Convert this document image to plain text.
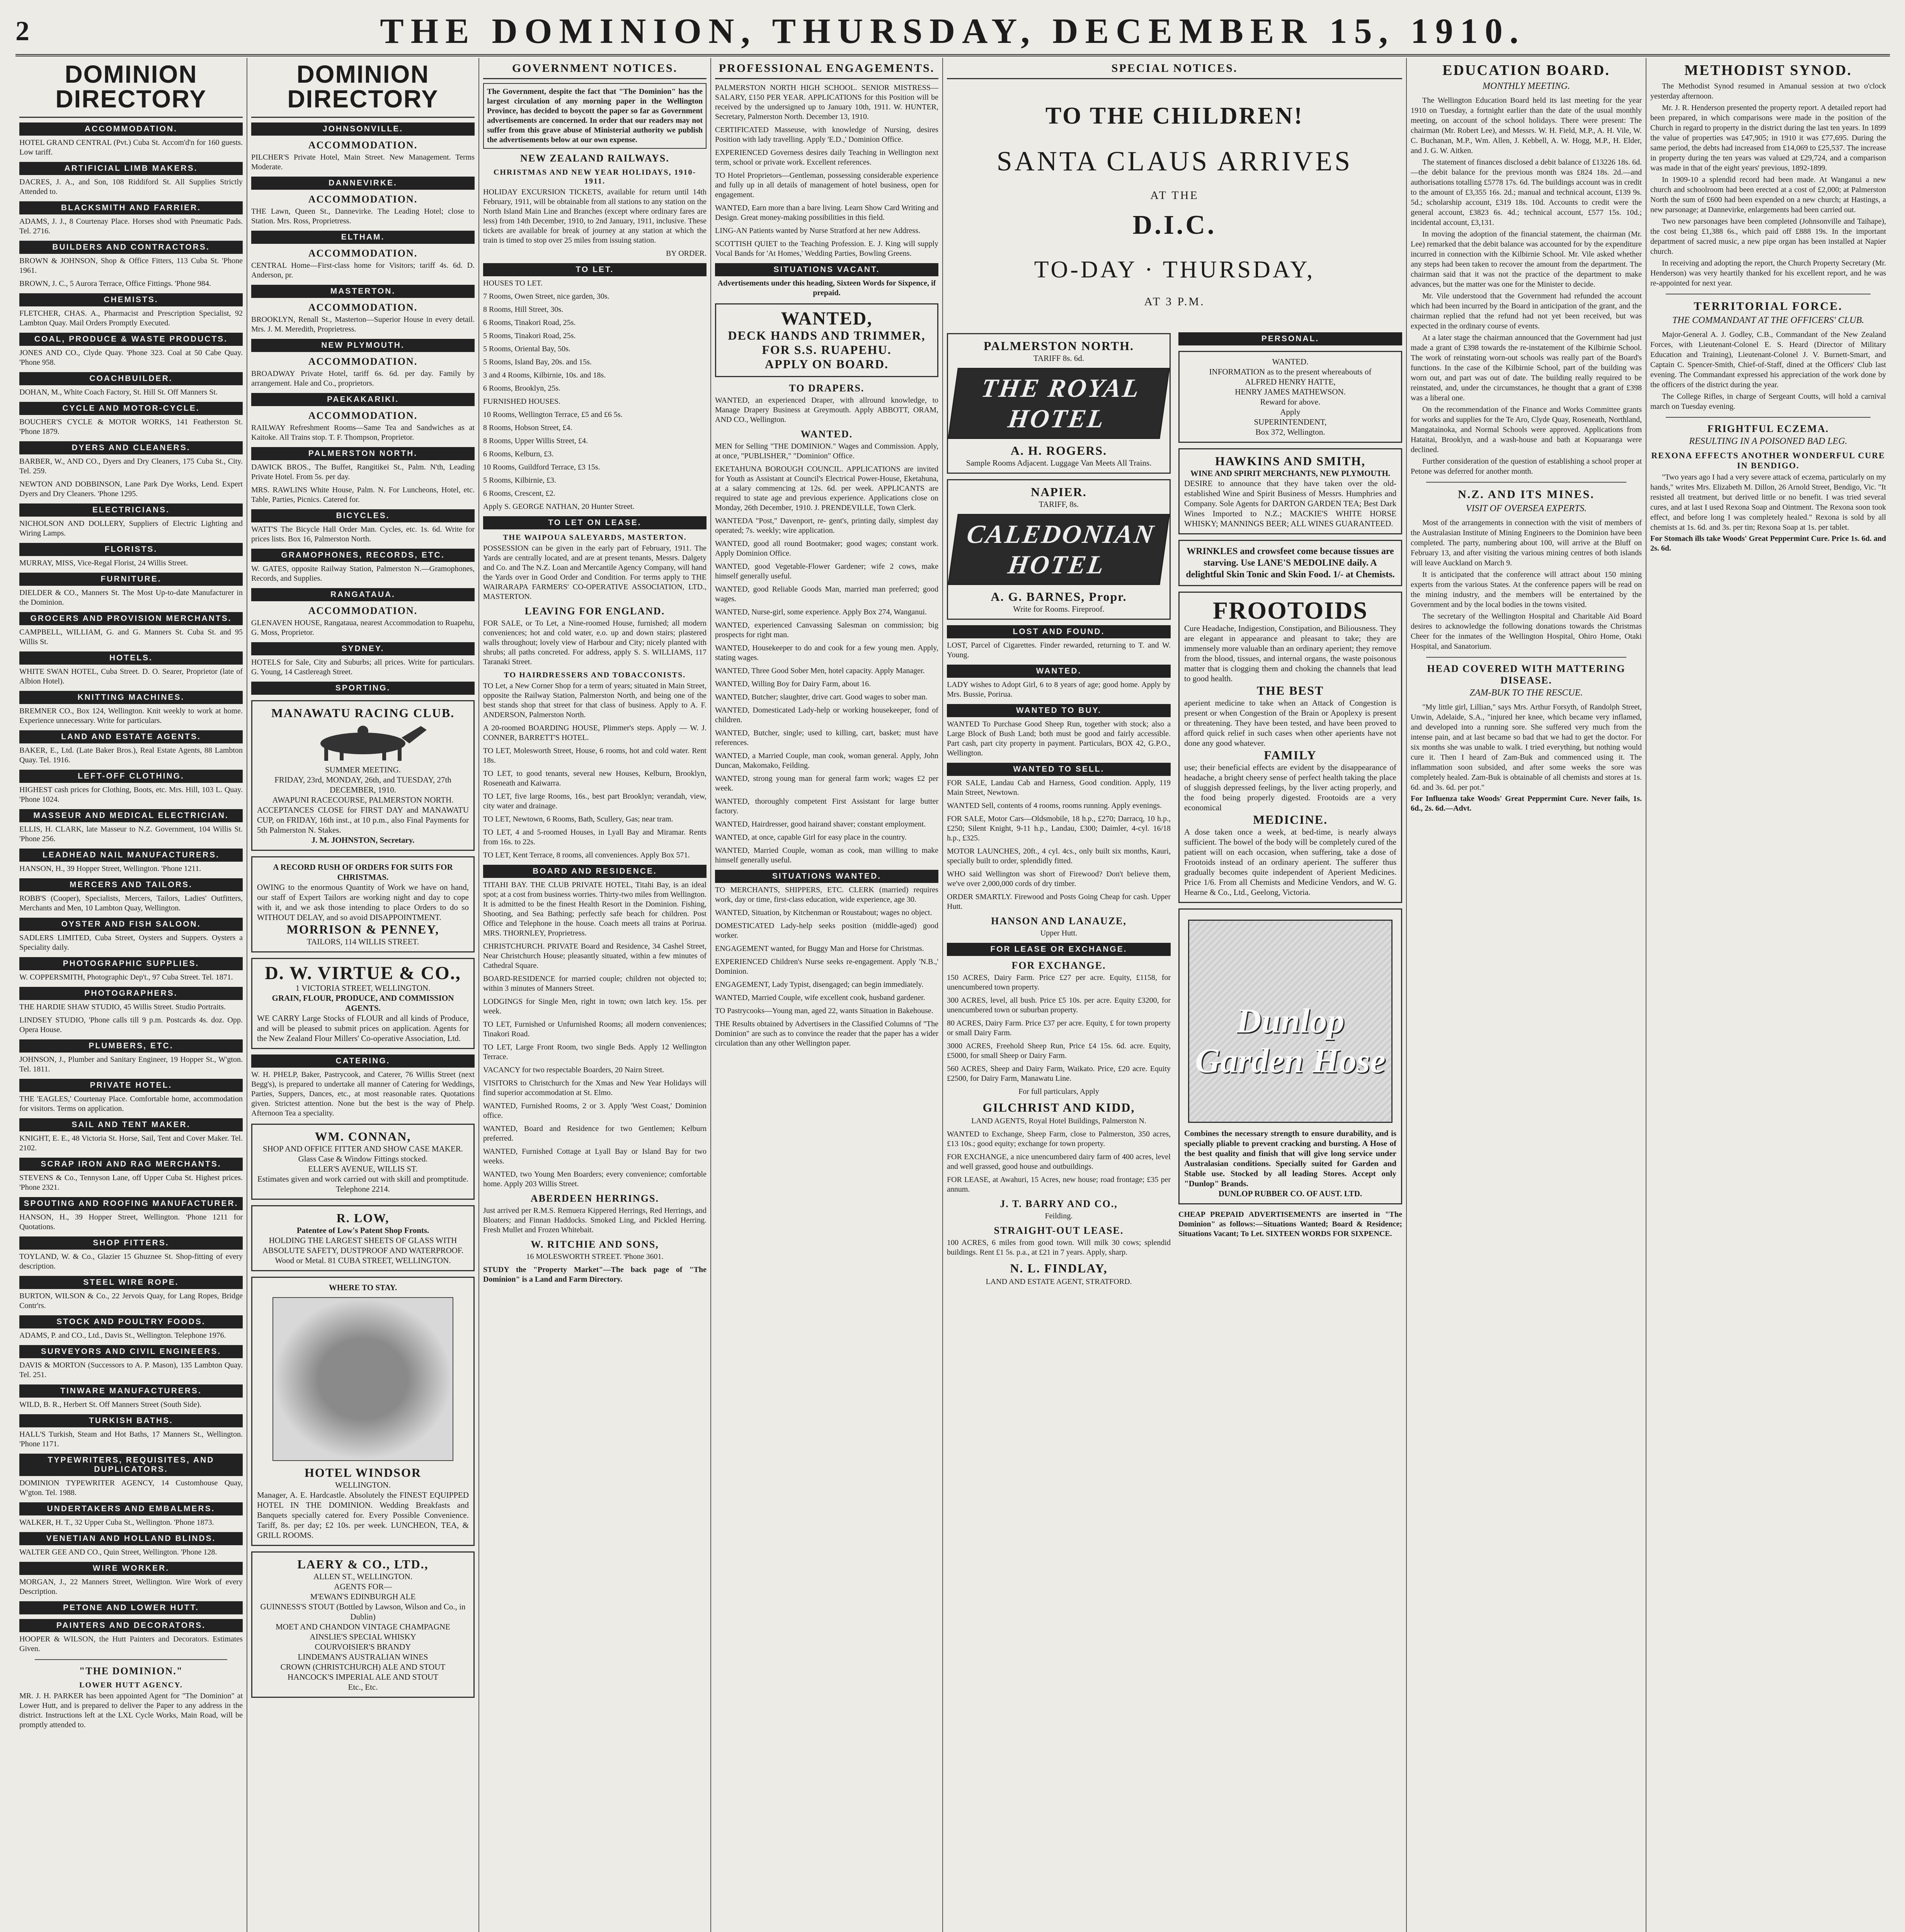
2	THE DOMINION, THURSDAY, DECEMBER 15, 1910.
DOMINION DIRECTORY
ACCOMMODATION.
HOTEL GRAND CENTRAL (Pvt.) Cuba St. Accom'd'n for 160 guests. Low tariff.
ARTIFICIAL LIMB MAKERS.
DACRES, J. A., and Son, 108 Riddiford St. All Supplies Strictly Attended to.
BLACKSMITH AND FARRIER.
ADAMS, J. J., 8 Courtenay Place. Horses shod with Pneumatic Pads. Tel. 2716.
BUILDERS AND CONTRACTORS.
BROWN & JOHNSON, Shop & Office Fitters, 113 Cuba St. 'Phone 1961.
BROWN, J. C., 5 Aurora Terrace, Office Fittings. 'Phone 984.
CHEMISTS.
FLETCHER, CHAS. A., Pharmacist and Prescription Specialist, 92 Lambton Quay. Mail Orders Promptly Executed.
COAL, PRODUCE & WASTE PRODUCTS.
JONES AND CO., Clyde Quay. 'Phone 323. Coal at 50 Cabe Quay. 'Phone 958.
COACHBUILDER.
DOHAN, M., White Coach Factory, St. Hill St. Off Manners St.
CYCLE AND MOTOR-CYCLE.
BOUCHER'S CYCLE & MOTOR WORKS, 141 Featherston St. 'Phone 1879.
DYERS AND CLEANERS.
BARBER, W., AND CO., Dyers and Dry Cleaners, 175 Cuba St., City. Tel. 259.
NEWTON AND DOBBINSON, Lane Park Dye Works, Lend. Expert Dyers and Dry Cleaners. 'Phone 1295.
ELECTRICIANS.
NICHOLSON AND DOLLERY, Suppliers of Electric Lighting and Wiring Lamps.
FLORISTS.
MURRAY, MISS, Vice-Regal Florist, 24 Willis Street.
FURNITURE.
DIELDER & CO., Manners St. The Most Up-to-date Manufacturer in the Dominion.
GROCERS AND PROVISION MERCHANTS.
CAMPBELL, WILLIAM, G. and G. Manners St. Cuba St. and 95 Willis St.
HOTELS.
WHITE SWAN HOTEL, Cuba Street. D. O. Searer, Proprietor (late of Albion Hotel).
KNITTING MACHINES.
BREMNER CO., Box 124, Wellington. Knit weekly to work at home. Experience unnecessary. Write for particulars.
LAND AND ESTATE AGENTS.
BAKER, E., Ltd. (Late Baker Bros.), Real Estate Agents, 88 Lambton Quay. Tel. 1916.
LEFT-OFF CLOTHING.
HIGHEST cash prices for Clothing, Boots, etc. Mrs. Hill, 103 L. Quay. 'Phone 1024.
MASSEUR AND MEDICAL ELECTRICIAN.
ELLIS, H. CLARK, late Masseur to N.Z. Government, 104 Willis St. 'Phone 256.
LEADHEAD NAIL MANUFACTURERS.
HANSON, H., 39 Hopper Street, Wellington. 'Phone 1211.
MERCERS AND TAILORS.
ROBB'S (Cooper), Specialists, Mercers, Tailors, Ladies' Outfitters, Merchants and Men, 10 Lambton Quay, Wellington.
OYSTER AND FISH SALOON.
SADLERS LIMITED, Cuba Street, Oysters and Suppers. Oysters a Speciality daily.
PHOTOGRAPHIC SUPPLIES.
W. COPPERSMITH, Photographic Dep't., 97 Cuba Street. Tel. 1871.
PHOTOGRAPHERS.
THE HARDIE SHAW STUDIO, 45 Willis Street. Studio Portraits.
LINDSEY STUDIO, 'Phone calls till 9 p.m. Postcards 4s. doz. Opp. Opera House.
PLUMBERS, ETC.
JOHNSON, J., Plumber and Sanitary Engineer, 19 Hopper St., W'gton. Tel. 1811.
PRIVATE HOTEL.
THE 'EAGLES,' Courtenay Place. Comfortable home, accommodation for visitors. Terms on application.
SAIL AND TENT MAKER.
KNIGHT, E. E., 48 Victoria St. Horse, Sail, Tent and Cover Maker. Tel. 2102.
SCRAP IRON AND RAG MERCHANTS.
STEVENS & Co., Tennyson Lane, off Upper Cuba St. Highest prices. 'Phone 2321.
SPOUTING AND ROOFING MANUFACTURER.
HANSON, H., 39 Hopper Street, Wellington. 'Phone 1211 for Quotations.
SHOP FITTERS.
TOYLAND, W. & Co., Glazier 15 Ghuznee St. Shop-fitting of every description.
STEEL WIRE ROPE.
BURTON, WILSON & Co., 22 Jervois Quay, for Lang Ropes, Bridge Contr'rs.
STOCK AND POULTRY FOODS.
ADAMS, P. and CO., Ltd., Davis St., Wellington. Telephone 1976.
SURVEYORS AND CIVIL ENGINEERS.
DAVIS & MORTON (Successors to A. P. Mason), 135 Lambton Quay. Tel. 251.
TINWARE MANUFACTURERS.
WILD, B. R., Herbert St. Off Manners Street (South Side).
TURKISH BATHS.
HALL'S Turkish, Steam and Hot Baths, 17 Manners St., Wellington. 'Phone 1171.
TYPEWRITERS, REQUISITES, AND DUPLICATORS.
DOMINION TYPEWRITER AGENCY, 14 Customhouse Quay, W'gton. Tel. 1988.
UNDERTAKERS AND EMBALMERS.
WALKER, H. T., 32 Upper Cuba St., Wellington. 'Phone 1873.
VENETIAN AND HOLLAND BLINDS.
WALTER GEE AND CO., Quin Street, Wellington. 'Phone 128.
WIRE WORKER.
MORGAN, J., 22 Manners Street, Wellington. Wire Work of every Description.
PETONE AND LOWER HUTT.
PAINTERS AND DECORATORS.
HOOPER & WILSON, the Hutt Painters and Decorators. Estimates Given.
"THE DOMINION."
LOWER HUTT AGENCY.
MR. J. H. PARKER has been appointed Agent for "The Dominion" at Lower Hutt, and is prepared to deliver the Paper to any address in the district. Instructions left at the LXL Cycle Works, Main Road, will be promptly attended to.
DOMINION DIRECTORY
JOHNSONVILLE.
ACCOMMODATION.
PILCHER'S Private Hotel, Main Street. New Management. Terms Moderate.
DANNEVIRKE.
ACCOMMODATION.
THE Lawn, Queen St., Dannevirke. The Leading Hotel; close to Station. Mrs. Ross, Proprietress.
ELTHAM.
ACCOMMODATION.
CENTRAL Home—First-class home for Visitors; tariff 4s. 6d. D. Anderson, pr.
MASTERTON.
ACCOMMODATION.
BROOKLYN, Renall St., Masterton—Superior House in every detail. Mrs. J. M. Meredith, Proprietress.
NEW PLYMOUTH.
ACCOMMODATION.
BROADWAY Private Hotel, tariff 6s. 6d. per day. Family by arrangement. Hale and Co., proprietors.
PAEKAKARIKI.
ACCOMMODATION.
RAILWAY Refreshment Rooms—Same Tea and Sandwiches as at Kaitoke. All Trains stop. T. F. Thompson, Proprietor.
PALMERSTON NORTH.
DAWICK BROS., The Buffet, Rangitikei St., Palm. N'th, Leading Private Hotel. From 5s. per day.
MRS. RAWLINS White House, Palm. N. For Luncheons, Hotel, etc. Table, Parties, Picnics. Catered for.
BICYCLES.
WATT'S The Bicycle Hall Order Man. Cycles, etc. 1s. 6d. Write for prices lists. Box 16, Palmerston North.
GRAMOPHONES, RECORDS, ETC.
W. GATES, opposite Railway Station, Palmerston N.—Gramophones, Records, and Supplies.
RANGATAUA.
ACCOMMODATION.
GLENAVEN HOUSE, Rangataua, nearest Accommodation to Ruapehu, G. Moss, Proprietor.
SYDNEY.
HOTELS for Sale, City and Suburbs; all prices. Write for particulars. G. Young, 14 Castlereagh Street.
SPORTING.
MANAWATU RACING CLUB.
SUMMER MEETING.
FRIDAY, 23rd, MONDAY, 26th, and TUESDAY, 27th DECEMBER, 1910.
AWAPUNI RACECOURSE, PALMERSTON NORTH.
ACCEPTANCES CLOSE for FIRST DAY and MANAWATU CUP, on FRIDAY, 16th inst., at 10 p.m., also Final Payments for 5th Palmerston N. Stakes.
J. M. JOHNSTON, Secretary.
A RECORD RUSH OF ORDERS FOR SUITS FOR CHRISTMAS.
OWING to the enormous Quantity of Work we have on hand, our staff of Expert Tailors are working night and day to cope with it, and we ask those intending to place Orders to do so WITHOUT DELAY, and so avoid DISAPPOINTMENT.
MORRISON & PENNEY,
TAILORS, 114 WILLIS STREET.
D. W. VIRTUE & CO.,
1 VICTORIA STREET, WELLINGTON.
GRAIN, FLOUR, PRODUCE, AND COMMISSION AGENTS.
WE CARRY Large Stocks of FLOUR and all kinds of Produce, and will be pleased to submit prices on application. Agents for the New Zealand Flour Millers' Co-operative Association, Ltd.
CATERING.
W. H. PHELP, Baker, Pastrycook, and Caterer, 76 Willis Street (next Begg's), is prepared to undertake all manner of Catering for Weddings, Parties, Suppers, Dances, etc., at most reasonable rates. Quotations given. Strictest attention. None but the best is the way of Phelp. Afternoon Tea a speciality.
WM. CONNAN,
SHOP AND OFFICE FITTER AND SHOW CASE MAKER.
Glass Case & Window Fittings stocked.
ELLER'S AVENUE, WILLIS ST.
Estimates given and work carried out with skill and promptitude.
Telephone 2214.
R. LOW,
Patentee of Low's Patent Shop Fronts.
HOLDING THE LARGEST SHEETS OF GLASS WITH ABSOLUTE SAFETY, DUSTPROOF AND WATERPROOF. Wood or Metal. 81 CUBA STREET, WELLINGTON.
WHERE TO STAY.
HOTEL WINDSOR
WELLINGTON.
Manager, A. E. Hardcastle. Absolutely the FINEST EQUIPPED HOTEL IN THE DOMINION. Wedding Breakfasts and Banquets specially catered for. Every Possible Convenience. Tariff, 8s. per day; £2 10s. per week. LUNCHEON, TEA, & GRILL ROOMS.
LAERY & CO., LTD.,
ALLEN ST., WELLINGTON.
AGENTS FOR—
M'EWAN'S EDINBURGH ALE
GUINNESS'S STOUT (Bottled by Lawson, Wilson and Co., in Dublin)
MOET AND CHANDON VINTAGE CHAMPAGNE
AINSLIE'S SPECIAL WHISKY
COURVOISIER'S BRANDY
LINDEMAN'S AUSTRALIAN WINES
CROWN (CHRISTCHURCH) ALE AND STOUT
HANCOCK'S IMPERIAL ALE AND STOUT
Etc., Etc.
GOVERNMENT NOTICES.
The Government, despite the fact that "The Dominion" has the largest circulation of any morning paper in the Wellington Province, has decided to boycott the paper so far as Government advertisements are concerned. In order that our readers may not suffer from this grave abuse of Ministerial authority we publish the advertisements below at our own expense.
NEW ZEALAND RAILWAYS.
CHRISTMAS AND NEW YEAR HOLIDAYS, 1910-1911.
HOLIDAY EXCURSION TICKETS, available for return until 14th February, 1911, will be obtainable from all stations to any station on the North Island Main Line and Branches (except where ordinary fares are less) from 14th December, 1910, to 2nd January, 1911, inclusive. These tickets are available for break of journey at any station at which the train is timed to stop over 25 miles from issuing station.
BY ORDER.
TO LET.
HOUSES TO LET.
7 Rooms, Owen Street, nice garden, 30s.
8 Rooms, Hill Street, 30s.
6 Rooms, Tinakori Road, 25s.
5 Rooms, Tinakori Road, 25s.
5 Rooms, Oriental Bay, 50s.
5 Rooms, Island Bay, 20s. and 15s.
3 and 4 Rooms, Kilbirnie, 10s. and 18s.
6 Rooms, Brooklyn, 25s.
FURNISHED HOUSES.
10 Rooms, Wellington Terrace, £5 and £6 5s.
8 Rooms, Hobson Street, £4.
8 Rooms, Upper Willis Street, £4.
6 Rooms, Kelburn, £3.
10 Rooms, Guildford Terrace, £3 15s.
5 Rooms, Kilbirnie, £3.
6 Rooms, Crescent, £2.
Apply S. GEORGE NATHAN, 20 Hunter Street.
TO LET ON LEASE.
THE WAIPOUA SALEYARDS, MASTERTON.
POSSESSION can be given in the early part of February, 1911. The Yards are centrally located, and are at present tenants, Messrs. Dalgety and Co. and The N.Z. Loan and Mercantile Agency Company, will hand the Yards over in Good Order and Condition. For terms apply to THE WAIRARAPA FARMERS' CO-OPERATIVE ASSOCIATION, LTD., MASTERTON.
LEAVING FOR ENGLAND.
FOR SALE, or To Let, a Nine-roomed House, furnished; all modern conveniences; hot and cold water, e.o. up and down stairs; plastered walls throughout; lovely view of Harbour and City; nicely planted with shrubs; all paths concreted. For address, apply S. S. WILLIAMS, 117 Taranaki Street.
TO HAIRDRESSERS AND TOBACCONISTS.
TO Let, a New Corner Shop for a term of years; situated in Main Street, opposite the Railway Station, Palmerston North, and being one of the best stands shop that street for that class of business. Apply to A. F. ANDERSON, Palmerston North.
A 20-roomed BOARDING HOUSE, Plimmer's steps. Apply — W. J. CONNER, BARRETT'S HOTEL.
TO LET, Molesworth Street, House, 6 rooms, hot and cold water. Rent 18s.
TO LET, to good tenants, several new Houses, Kelburn, Brooklyn, Roseneath and Kaiwarra.
TO LET, five large Rooms, 16s., best part Brooklyn; verandah, view, city water and drainage.
TO LET, Newtown, 6 Rooms, Bath, Scullery, Gas; near tram.
TO LET, 4 and 5-roomed Houses, in Lyall Bay and Miramar. Rents from 16s. to 22s.
TO LET, Kent Terrace, 8 rooms, all conveniences. Apply Box 571.
BOARD AND RESIDENCE.
TITAHI BAY. THE CLUB PRIVATE HOTEL, Titahi Bay, is an ideal spot; at a cost from business worries. Thirty-two miles from Wellington. It is admitted to be the finest Health Resort in the Dominion. Fishing, Shooting, and Sea Bathing; perfectly safe beach for children. Post Office and Telephone in the house. Coach meets all trains at Porirua. MRS. THORNLEY, Proprietress.
CHRISTCHURCH. PRIVATE Board and Residence, 34 Cashel Street, Near Christchurch House; pleasantly situated, within a few minutes of Cathedral Square.
BOARD-RESIDENCE for married couple; children not objected to; within 3 minutes of Manners Street.
LODGINGS for Single Men, right in town; own latch key. 15s. per week.
TO LET, Furnished or Unfurnished Rooms; all modern conveniences; Tinakori Road.
TO LET, Large Front Room, two single Beds. Apply 12 Wellington Terrace.
VACANCY for two respectable Boarders, 20 Nairn Street.
VISITORS to Christchurch for the Xmas and New Year Holidays will find superior accommodation at St. Elmo.
WANTED, Furnished Rooms, 2 or 3. Apply 'West Coast,' Dominion office.
WANTED, Board and Residence for two Gentlemen; Kelburn preferred.
WANTED, Furnished Cottage at Lyall Bay or Island Bay for two weeks.
WANTED, two Young Men Boarders; every convenience; comfortable home. Apply 203 Willis Street.
ABERDEEN HERRINGS.
Just arrived per R.M.S. Remuera Kippered Herrings, Red Herrings, and Bloaters; and Finnan Haddocks. Smoked Ling, and Pickled Herring. Fresh Mullet and Frozen Whitebait.
W. RITCHIE AND SONS,
16 MOLESWORTH STREET. 'Phone 3601.
STUDY the "Property Market"—The back page of "The Dominion" is a Land and Farm Directory.
PROFESSIONAL ENGAGEMENTS.
PALMERSTON NORTH HIGH SCHOOL. SENIOR MISTRESS—SALARY, £150 PER YEAR. APPLICATIONS for this Position will be received by the undersigned up to January 10th, 1911. W. HUNTER, Secretary, Palmerston North. December 13, 1910.
CERTIFICATED Masseuse, with knowledge of Nursing, desires Position with lady travelling. Apply 'E.D.,' Dominion Office.
EXPERIENCED Governess desires daily Teaching in Wellington next term, school or private work. Excellent references.
TO Hotel Proprietors—Gentleman, possessing considerable experience and fully up in all details of management of hotel business, open for engagement.
WANTED, Earn more than a bare living. Learn Show Card Writing and Design. Great money-making possibilities in this field.
LING-AN Patients wanted by Nurse Stratford at her new Address.
SCOTTISH QUIET to the Teaching Profession. E. J. King will supply Vocal Bands for 'At Homes,' Wedding Parties, Bowling Greens.
SITUATIONS VACANT.
Advertisements under this heading, Sixteen Words for Sixpence, if prepaid.
WANTED,
DECK HANDS AND TRIMMER, FOR S.S. RUAPEHU.
APPLY ON BOARD.
TO DRAPERS.
WANTED, an experienced Draper, with allround knowledge, to Manage Drapery Business at Greymouth. Apply ABBOTT, ORAM, AND CO., Wellington.
WANTED.
MEN for Selling "THE DOMINION." Wages and Commission. Apply, at once, "PUBLISHER," "Dominion" Office.
EKETAHUNA BOROUGH COUNCIL. APPLICATIONS are invited for Youth as Assistant at Council's Electrical Power-House, Eketahuna, at a salary commencing at 12s. 6d. per week. APPLICANTS are required to state age and previous experience. Applications close on Monday, 26th December, 1910. J. PRENDEVILLE, Town Clerk.
WANTEDA "Post," Davenport, re- gent's, printing daily, simplest day operated; 7s. weekly; wire application.
WANTED, good all round Bootmaker; good wages; constant work. Apply Dominion Office.
WANTED, good Vegetable-Flower Gardener; wife 2 cows, make himself generally useful.
WANTED, good Reliable Goods Man, married man preferred; good wages.
WANTED, Nurse-girl, some experience. Apply Box 274, Wanganui.
WANTED, experienced Canvassing Salesman on commission; big prospects for right man.
WANTED, Housekeeper to do and cook for a few young men. Apply, stating wages.
WANTED, Three Good Sober Men, hotel capacity. Apply Manager.
WANTED, Willing Boy for Dairy Farm, about 16.
WANTED, Butcher; slaughter, drive cart. Good wages to sober man.
WANTED, Domesticated Lady-help or working housekeeper, fond of children.
WANTED, Butcher, single; used to killing, cart, basket; must have references.
WANTED, a Married Couple, man cook, woman general. Apply, John Duncan, Makomako, Feilding.
WANTED, strong young man for general farm work; wages £2 per week.
WANTED, thoroughly competent First Assistant for large butter factory.
WANTED, Hairdresser, good hairand shaver; constant employment.
WANTED, at once, capable Girl for easy place in the country.
WANTED, Married Couple, woman as cook, man willing to make himself generally useful.
SITUATIONS WANTED.
TO MERCHANTS, SHIPPERS, ETC. CLERK (married) requires work, day or time, first-class education, wide experience, age 30.
WANTED, Situation, by Kitchenman or Roustabout; wages no object.
DOMESTICATED Lady-help seeks position (middle-aged) good worker.
ENGAGEMENT wanted, for Buggy Man and Horse for Christmas.
EXPERIENCED Children's Nurse seeks re-engagement. Apply 'N.B.,' Dominion.
ENGAGEMENT, Lady Typist, disengaged; can begin immediately.
WANTED, Married Couple, wife excellent cook, husband gardener.
TO Pastrycooks—Young man, aged 22, wants Situation in Bakehouse.
THE Results obtained by Advertisers in the Classified Columns of "The Dominion" are such as to convince the reader that the paper has a wider circulation than any other Wellington paper.
SPECIAL NOTICES.
TO THE CHILDREN!
SANTA CLAUS ARRIVES
AT THE
D.I.C.
TO-DAY · THURSDAY,
AT 3 P.M.
PALMERSTON NORTH.
TARIFF 8s. 6d.
THE ROYAL HOTEL
A. H. ROGERS.
Sample Rooms Adjacent. Luggage Van Meets All Trains.
NAPIER.
TARIFF, 8s.
CALEDONIAN HOTEL
A. G. BARNES, Propr.
Write for Rooms. Fireproof.
LOST AND FOUND.
LOST, Parcel of Cigarettes. Finder rewarded, returning to T. and W. Young.
WANTED.
LADY wishes to Adopt Girl, 6 to 8 years of age; good home. Apply by Mrs. Bussie, Porirua.
WANTED TO BUY.
WANTED To Purchase Good Sheep Run, together with stock; also a Large Block of Bush Land; both must be good and fairly accessible. Part cash, part city property in payment. Particulars, BOX 42, G.P.O., Wellington.
WANTED TO SELL.
FOR SALE, Landau Cab and Harness, Good condition. Apply, 119 Main Street, Newtown.
WANTED Sell, contents of 4 rooms, rooms running. Apply evenings.
FOR SALE, Motor Cars—Oldsmobile, 18 h.p., £270; Darracq, 10 h.p., £250; Silent Knight, 9-11 h.p., Landau, £300; Daimler, 4-cyl. 16/18 h.p., £325.
MOTOR LAUNCHES, 20ft., 4 cyl. 4cs., only built six months, Kauri, specially built to order, splendidly fitted.
WHO said Wellington was short of Firewood? Don't believe them, we've over 2,000,000 cords of dry timber.
ORDER SMARTLY. Firewood and Posts Going Cheap for cash. Upper Hutt.
HANSON AND LANAUZE,
Upper Hutt.
FOR LEASE OR EXCHANGE.
FOR EXCHANGE.
150 ACRES, Dairy Farm. Price £27 per acre. Equity, £1158, for unencumbered town property.
300 ACRES, level, all bush. Price £5 10s. per acre. Equity £3200, for unencumbered town or suburban property.
80 ACRES, Dairy Farm. Price £37 per acre. Equity, £ for town property or small Dairy Farm.
3000 ACRES, Freehold Sheep Run, Price £4 15s. 6d. acre. Equity, £5000, for small Sheep or Dairy Farm.
560 ACRES, Sheep and Dairy Farm, Waikato. Price, £20 acre. Equity £2500, for Dairy Farm, Manawatu Line.
For full particulars, Apply
GILCHRIST AND KIDD,
LAND AGENTS, Royal Hotel Buildings, Palmerston N.
WANTED to Exchange, Sheep Farm, close to Palmerston, 350 acres, £13 10s.; good equity; exchange for town property.
FOR EXCHANGE, a nice unencumbered dairy farm of 400 acres, level and well grassed, good house and outbuildings.
FOR LEASE, at Awahuri, 15 Acres, new house; road frontage; £35 per annum.
J. T. BARRY AND CO.,
Feilding.
STRAIGHT-OUT LEASE.
100 ACRES, 6 miles from good town. Will milk 30 cows; splendid buildings. Rent £1 5s. p.a., at £21 in 7 years. Apply, sharp.
N. L. FINDLAY,
LAND AND ESTATE AGENT, STRATFORD.
PERSONAL.
WANTED.
INFORMATION as to the present whereabouts of
ALFRED HENRY HATTE,
HENRY JAMES MATHEWSON.
Reward for above.
Apply
SUPERINTENDENT,
Box 372, Wellington.
HAWKINS AND SMITH,
WINE AND SPIRIT MERCHANTS, NEW PLYMOUTH.
DESIRE to announce that they have taken over the old-established Wine and Spirit Business of Messrs. Humphries and Company. Sole Agents for DARTON GARDEN TEA; Best Dark Wines Imported to N.Z.; MACKIE'S WHITE HORSE WHISKY; MANNINGS BEER; ALL WINES GUARANTEED.
WRINKLES and crowsfeet come because tissues are starving. Use LANE'S MEDOLINE daily. A delightful Skin Tonic and Skin Food. 1/- at Chemists.
FROOTOIDS
Cure Headache, Indigestion, Constipation, and Biliousness. They are elegant in appearance and pleasant to take; they are immensely more valuable than an ordinary aperient; they remove from the blood, tissues, and internal organs, the waste poisonous matter that is clogging them and choking the channels that lead to good health.
THE BEST
aperient medicine to take when an Attack of Congestion is present or when Congestion of the Brain or Apoplexy is present or threatening. They have been tested, and have been proved to afford quick relief in such cases when other aperients have not done any good whatever.
FAMILY
use; their beneficial effects are evident by the disappearance of headache, a bright cheery sense of perfect health taking the place of sluggish depressed feelings, by the liver acting properly, and the food being properly digested. Frootoids are a very economical
MEDICINE.
A dose taken once a week, at bed-time, is nearly always sufficient. The bowel of the body will be completely cured of the patient will on each occasion, when suffering, take a dose of Frootoids instead of an ordinary aperient. The sufferer thus gradually becomes quite independent of Aperient Medicines. Price 1/6. From all Chemists and Medicine Vendors, and W. G. Hearne & Co., Ltd., Geelong, Victoria.
Dunlop Garden Hose
Combines the necessary strength to ensure durability, and is specially pliable to prevent cracking and bursting. A Hose of the best quality and finish that will give long service under Australasian conditions. Specially suited for Garden and Stable use. Stocked by all leading Stores. Accept only "Dunlop" Brands.
DUNLOP RUBBER CO. OF AUST. LTD.
CHEAP PREPAID ADVERTISEMENTS are inserted in "The Dominion" as follows:—Situations Wanted; Board & Residence; Situations Vacant; To Let. SIXTEEN WORDS FOR SIXPENCE.
EDUCATION BOARD.
MONTHLY MEETING.
The Wellington Education Board held its last meeting for the year 1910 on Tuesday, a fortnight earlier than the date of the usual monthly meeting, on account of the school holidays. There were present: The chairman (Mr. Robert Lee), and Messrs. W. H. Field, M.P., A. H. Vile, W. C. Buchanan, M.P., Wm. Allen, J. Kebbell, A. W. Hogg, M.P., H. Elder, and J. G. W. Aitken.
The statement of finances disclosed a debit balance of £13226 18s. 6d.—the debit balance for the previous month was £824 18s. 2d.—and authorisations totalling £5778 17s. 6d. The buildings account was in credit to the amount of £3,355 16s. 2d.; manual and technical account, £139 9s. 5d.; scholarship account, £319 18s. 10d. Accounts to credit were the general account, £3823 6s. 4d.; technical account, £577 15s. 10d.; incidental account, £3,131.
In moving the adoption of the financial statement, the chairman (Mr. Lee) remarked that the debit balance was accounted for by the expenditure incurred in connection with the Kilbirnie School. Mr. Vile asked whether any steps had been taken to recover the amount from the department. The chairman said that it was not the practice of the department to make advances, but the matter was one for the Minister to decide.
Mr. Vile understood that the Government had refunded the account which had been incurred by the Board in anticipation of the grant, and the chairman replied that the refund had not yet been received, but was expected in the ordinary course of events.
At a later stage the chairman announced that the Government had just made a grant of £398 towards the re-instatement of the Kilbirnie School. The work of reinstating worn-out schools was really part of the Board's functions. In the case of the Kilbirnie School, part of the building was worn out, and part was out of date. The building really required to be reinstated, and, under the circumstances, he thought that a grant of £398 was a liberal one.
On the recommendation of the Finance and Works Committee grants for works and supplies for the Te Aro, Clyde Quay, Roseneath, Northland, Mangatainoka, and Normal Schools were approved. Applications from Hataitai, Brooklyn, and a wash-house and bath at Kopuaranga were declined.
Further consideration of the question of establishing a school proper at Petone was deferred for another month.
N.Z. AND ITS MINES.
VISIT OF OVERSEA EXPERTS.
Most of the arrangements in connection with the visit of members of the Australasian Institute of Mining Engineers to the Dominion have been completed. The party, numbering about 100, will arrive at the Bluff on February 13, and after visiting the various mining centres of both islands will leave Auckland on March 9.
It is anticipated that the conference will attract about 150 mining experts from the various States. At the conference papers will be read on the mining industry, and the members will be entertained by the Government and by the local bodies in the towns visited.
The secretary of the Wellington Hospital and Charitable Aid Board desires to acknowledge the following donations towards the Christmas Cheer for the inmates of the Wellington Hospital, Ohiro Home, Otaki Hospital, and Sanatorium.
HEAD COVERED WITH MATTERING DISEASE.
ZAM-BUK TO THE RESCUE.
"My little girl, Lillian," says Mrs. Arthur Forsyth, of Randolph Street, Unwin, Adelaide, S.A., "injured her knee, which became very inflamed, and developed into a running sore. She suffered very much from the intense pain, and at last became so bad that we had to get the doctor. For six months she was unable to walk. I tried everything, but nothing would cure it. Then I heard of Zam-Buk and commenced using it. The inflammation soon subsided, and after some weeks the sore was completely healed. Zam-Buk is obtainable of all chemists and stores at 1s. 6d. and 3s. 6d. per pot."
For Influenza take Woods' Great Peppermint Cure. Never fails, 1s. 6d., 2s. 6d.—Advt.
METHODIST SYNOD.
The Methodist Synod resumed in Amanual session at two o'clock yesterday afternoon.
Mr. J. R. Henderson presented the property report. A detailed report had been prepared, in which comparisons were made in the position of the Church in regard to property in the district during the last ten years. In 1899 the value of properties was £47,905; in 1910 it was £77,695. During the same period, the debts had increased from £14,069 to £25,537. The increase in property during the ten years was valued at £29,724, and a comparison was made in that of the eight years' previous, 1892-1899.
In 1909-10 a splendid record had been made. At Wanganui a new church and schoolroom had been erected at a cost of £2,000; at Palmerston North the sum of £600 had been expended on a new church; at Hastings, a new parsonage; at Dannevirke, enlargements had been carried out.
Two new parsonages have been completed (Johnsonville and Taihape), the cost being £1,388 6s., which paid off £888 19s. In the important department of sacred music, a new pipe organ has been installed at Napier church.
In receiving and adopting the report, the Church Property Secretary (Mr. Henderson) was very heartily thanked for his excellent report, and he was re-appointed for next year.
TERRITORIAL FORCE.
THE COMMANDANT AT THE OFFICERS' CLUB.
Major-General A. J. Godley, C.B., Commandant of the New Zealand Forces, with Lieutenant-Colonel E. S. Heard (Director of Military Education and Training), Lieutenant-Colonel J. V. Burnett-Smart, and Captain C. Spencer-Smith, Chief-of-Staff, dined at the Officers' Club last evening. The Commandant expressed his appreciation of the work done by the officers of the district during the year.
The College Rifles, in charge of Sergeant Coutts, will hold a carnival march on Tuesday evening.
FRIGHTFUL ECZEMA.
RESULTING IN A POISONED BAD LEG.
REXONA EFFECTS ANOTHER WONDERFUL CURE IN BENDIGO.
"Two years ago I had a very severe attack of eczema, particularly on my hands," writes Mrs. Elizabeth M. Dillon, 26 Arnold Street, Bendigo, Vic. "It resisted all treatment, but derived little or no benefit. I was tried several cures, and at last I used Rexona Soap and Ointment. The Rexona soon took effect, and before long I was completely healed." Rexona is sold by all chemists at 1s. 6d. and 3s. per tin; Rexona Soap at 1s. per tablet.
For Stomach ills take Woods' Great Peppermint Cure. Price 1s. 6d. and 2s. 6d.
